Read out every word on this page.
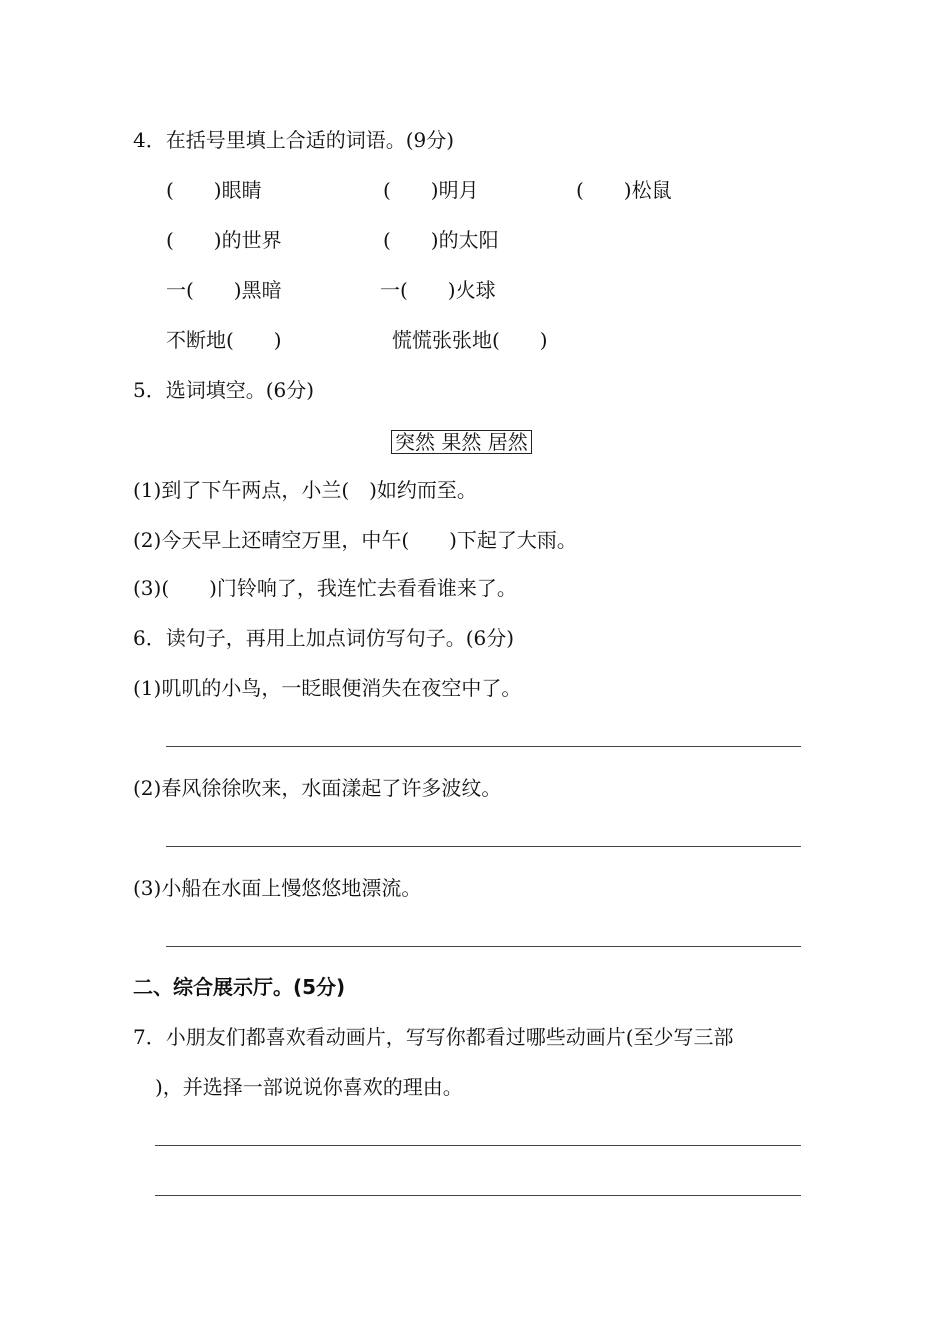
4．在括号里填上合适的词语。(9分)
(　　)眼睛	(　　)明月	(　　)松鼠
(　　)的世界	(　　)的太阳
一(　　)黑暗	一(　　)火球
不断地(　　)	慌慌张张地(　　)
5．选词填空。(6分)
突然 果然 居然
(1)到了下午两点，小兰(　)如约而至。
(2)今天早上还晴空万里，中午(　　)下起了大雨。
(3)(　　)门铃响了，我连忙去看看谁来了。
6．读句子，再用上加点词仿写句子。(6分)
(1)叽叽的小鸟，一眨眼便消失在夜空中了。
(2)春风徐徐吹来，水面漾起了许多波纹。
(3)小船在水面上慢悠悠地漂流。
二、综合展示厅。(5分)
7．小朋友们都喜欢看动画片，写写你都看过哪些动画片(至少写三部
)，并选择一部说说你喜欢的理由。
